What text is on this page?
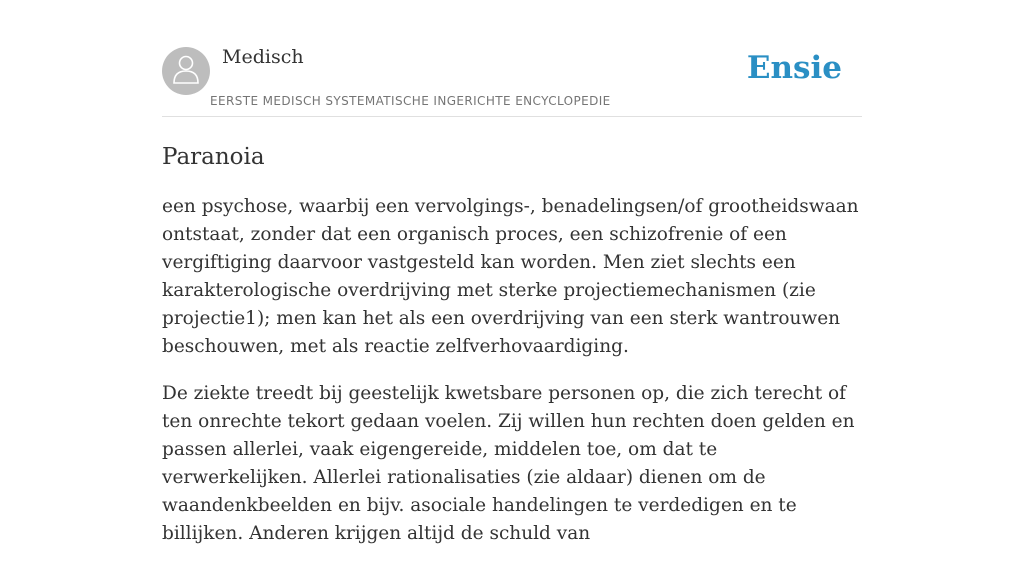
Medisch
EERSTE MEDISCH SYSTEMATISCHE INGERICHTE ENCYCLOPEDIE
Ensie
Paranoia

een psychose, waarbij een vervolgings-, benadelingsen/of grootheidswaan ontstaat, zonder dat een organisch proces, een schizofrenie of een vergiftiging daarvoor vastgesteld kan worden. Men ziet slechts een karakterologische overdrijving met sterke projectiemechanismen (zie projectie1); men kan het als een overdrijving van een sterk wantrouwen beschouwen, met als reactie zelfverhovaardiging.

De ziekte treedt bij geestelijk kwetsbare personen op, die zich terecht of ten onrechte tekort gedaan voelen. Zij willen hun rechten doen gelden en passen allerlei, vaak eigengereide, middelen toe, om dat te verwerkelijken. Allerlei rationalisaties (zie aldaar) dienen om de waandenkbeelden en bijv. asociale handelingen te verdedigen en te billijken. Anderen krijgen altijd de schuld van
